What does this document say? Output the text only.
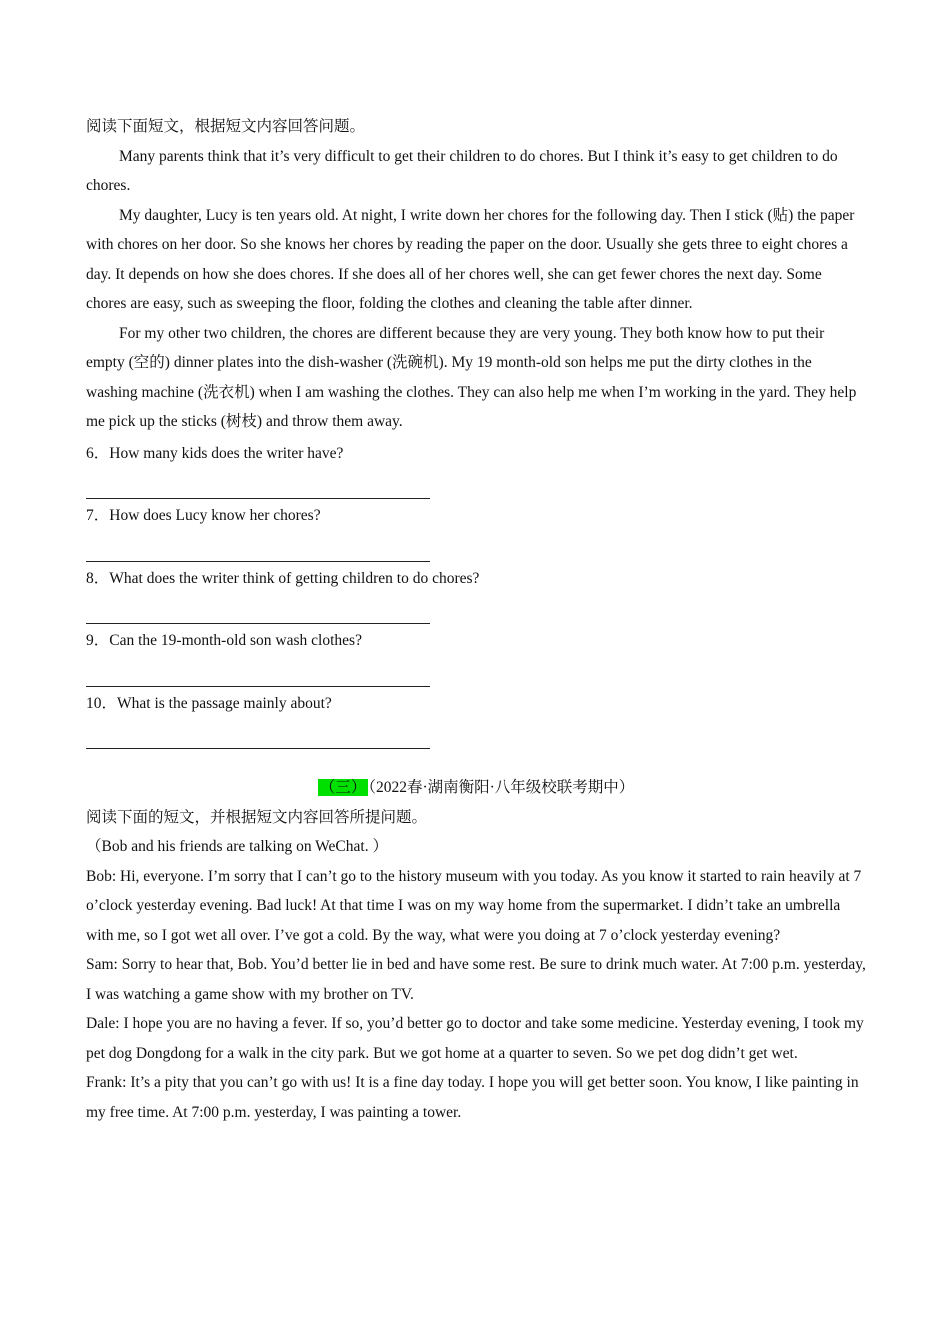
阅读下面短文，根据短文内容回答问题。

Many parents think that it’s very difficult to get their children to do chores. But I think it’s easy to get children to do chores.

My daughter, Lucy is ten years old. At night, I write down her chores for the following day. Then I stick (贴) the paper with chores on her door. So she knows her chores by reading the paper on the door. Usually she gets three to eight chores a day. It depends on how she does chores. If she does all of her chores well, she can get fewer chores the next day. Some chores are easy, such as sweeping the floor, folding the clothes and cleaning the table after dinner.

For my other two children, the chores are different because they are very young. They both know how to put their empty (空的) dinner plates into the dish-washer (洗碗机). My 19 month-old son helps me put the dirty clothes in the washing machine (洗衣机) when I am washing the clothes. They can also help me when I’m working in the yard. They help me pick up the sticks (树枝) and throw them away.

6．How many kids does the writer have?

7．How does Lucy know her chores?

8．What does the writer think of getting children to do chores?

9．Can the 19-month-old son wash clothes?

10．What is the passage mainly about?

（三） （2022春·湖南衡阳·八年级校联考期中）

阅读下面的短文，并根据短文内容回答所提问题。

（Bob and his friends are talking on WeChat. ）

Bob: Hi, everyone. I’m sorry that I can’t go to the history museum with you today. As you know it started to rain heavily at 7 o’clock yesterday evening. Bad luck! At that time I was on my way home from the supermarket. I didn’t take an umbrella with me, so I got wet all over. I’ve got a cold. By the way, what were you doing at 7 o’clock yesterday evening?

Sam: Sorry to hear that, Bob. You’d better lie in bed and have some rest. Be sure to drink much water. At 7:00 p.m. yesterday, I was watching a game show with my brother on TV.

Dale: I hope you are no having a fever. If so, you’d better go to doctor and take some medicine. Yesterday evening, I took my pet dog Dongdong for a walk in the city park. But we got home at a quarter to seven. So we pet dog didn’t get wet.

Frank: It’s a pity that you can’t go with us! It is a fine day today. I hope you will get better soon. You know, I like painting in my free time. At 7:00 p.m. yesterday, I was painting a tower.
